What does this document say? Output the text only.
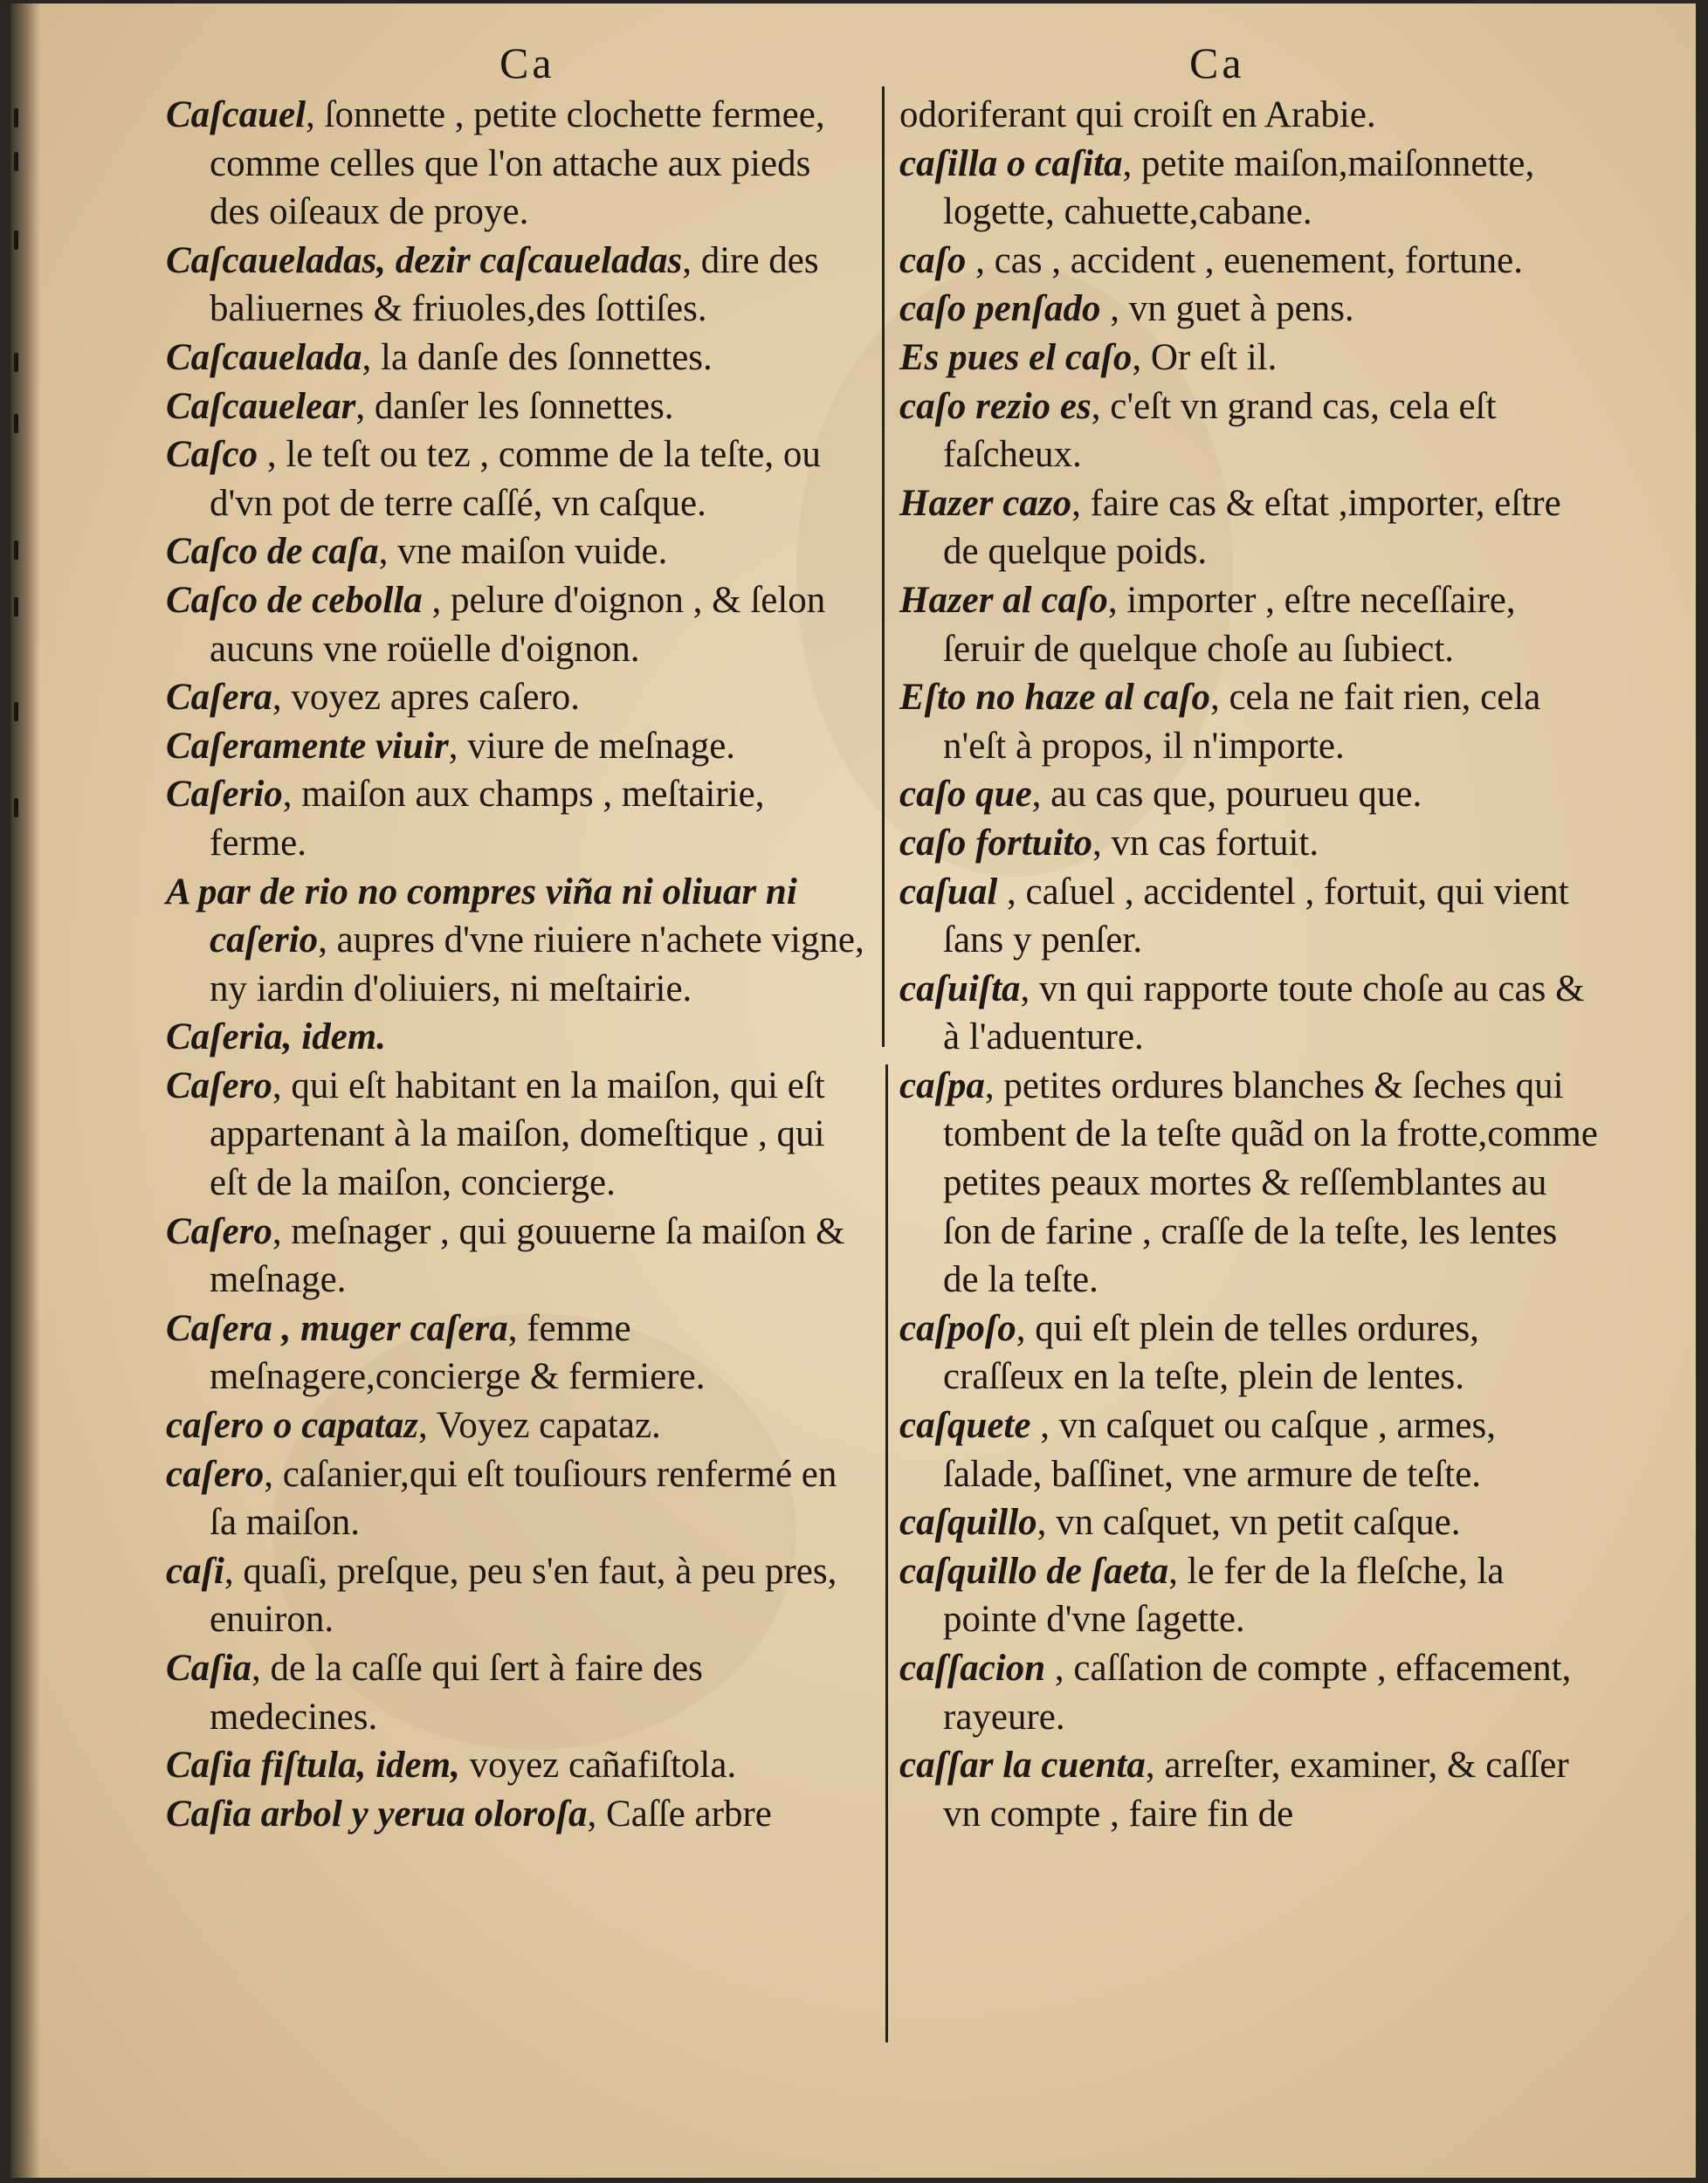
Ca	Ca

Caſcauel, ſonnette , petite clochette fermee, comme celles que l'on attache aux pieds des oiſeaux de proye.

Caſcaueladas, dezir caſcaueladas, dire des baliuernes & friuoles,des ſottiſes.

Caſcauelada, la danſe des ſonnettes.

Caſcauelear, danſer les ſonnettes.

Caſco , le teſt ou tez , comme de la teſte, ou d'vn pot de terre caſſé, vn caſque.

Caſco de caſa, vne maiſon vuide.

Caſco de cebolla , pelure d'oignon , & ſelon aucuns vne roüelle d'oignon.

Caſera, voyez apres caſero.

Caſeramente viuir, viure de meſnage.

Caſerio, maiſon aux champs , meſtairie, ferme.

A par de rio no compres viña ni oliuar ni caſerio, aupres d'vne riuiere n'achete vigne, ny iardin d'oliuiers, ni meſtairie.

Caſeria, idem.

Caſero, qui eſt habitant en la maiſon, qui eſt appartenant à la maiſon, domeſtique , qui eſt de la maiſon, concierge.

Caſero, meſnager , qui gouuerne ſa maiſon & meſnage.

Caſera , muger caſera, femme meſnagere,concierge & fermiere.

caſero o capataz, Voyez capataz.

caſero, caſanier,qui eſt touſiours renfermé en ſa maiſon.

caſi, quaſi, preſque, peu s'en faut, à peu pres, enuiron.

Caſia, de la caſſe qui ſert à faire des medecines.

Caſia fiſtula, idem, voyez cañafiſtola.

Caſia arbol y yerua oloroſa, Caſſe arbre

odoriferant qui croiſt en Arabie.

caſilla o caſita, petite maiſon,maiſonnette, logette, cahuette,cabane.

caſo , cas , accident , euenement, fortune.

caſo penſado , vn guet à pens.

Es pues el caſo, Or eſt il.

caſo rezio es, c'eſt vn grand cas, cela eſt faſcheux.

Hazer cazo, faire cas & eſtat ,importer, eſtre de quelque poids.

Hazer al caſo, importer , eſtre neceſſaire, ſeruir de quelque choſe au ſubiect.

Eſto no haze al caſo, cela ne fait rien, cela n'eſt à propos, il n'importe.

caſo que, au cas que, pourueu que.

caſo fortuito, vn cas fortuit.

caſual , caſuel , accidentel , fortuit, qui vient ſans y penſer.

caſuiſta, vn qui rapporte toute choſe au cas & à l'aduenture.

caſpa, petites ordures blanches & ſeches qui tombent de la teſte quãd on la frotte,comme petites peaux mortes & reſſemblantes au ſon de farine , craſſe de la teſte, les lentes de la teſte.

caſpoſo, qui eſt plein de telles ordures, craſſeux en la teſte, plein de lentes.

caſquete , vn caſquet ou caſque , armes, ſalade, baſſinet, vne armure de teſte.

caſquillo, vn caſquet, vn petit caſque.

caſquillo de ſaeta, le fer de la fleſche, la pointe d'vne ſagette.

caſſacion , caſſation de compte , effacement, rayeure.

caſſar la cuenta, arreſter, examiner, & caſſer vn compte , faire fin de
